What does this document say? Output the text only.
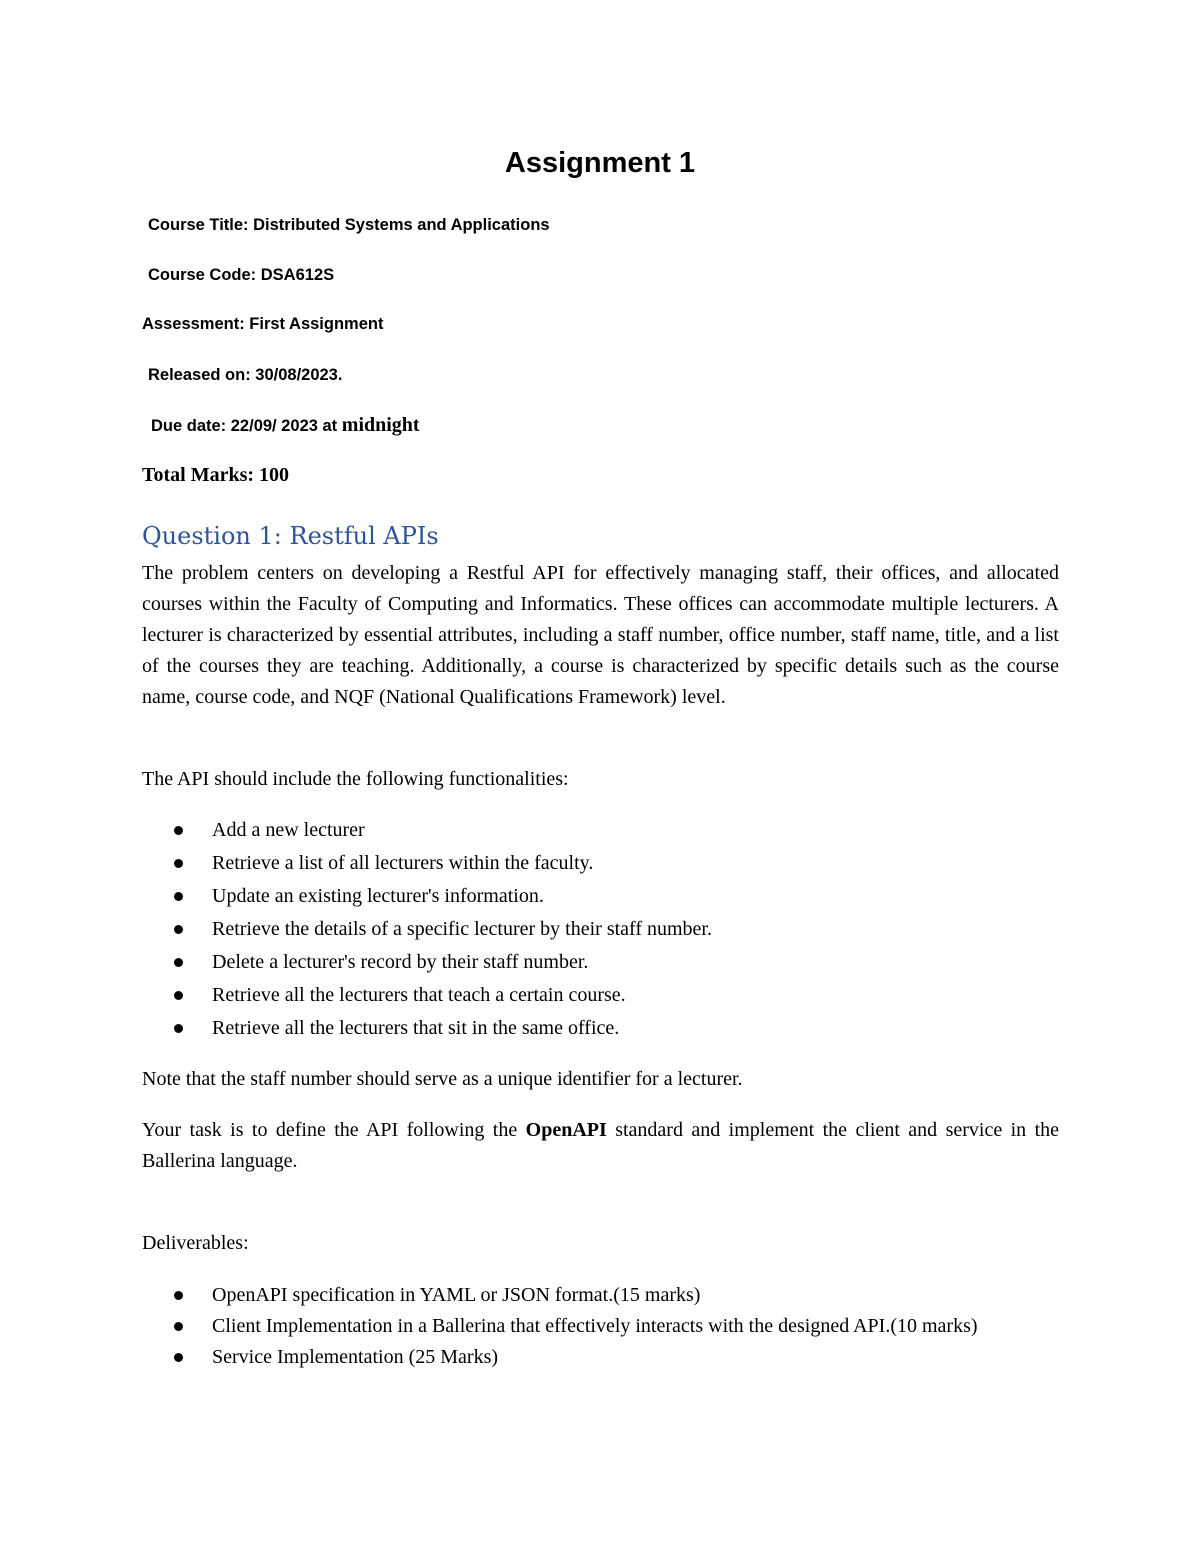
Assignment 1
Course Title: Distributed Systems and Applications
Course Code: DSA612S
Assessment: First Assignment
Released on: 30/08/2023.
Due date: 22/09/ 2023 at midnight
Total Marks: 100
Question 1: Restful APIs

The problem centers on developing a Restful API for effectively managing staff, their offices, and allocated courses within the Faculty of Computing and Informatics. These offices can accommodate multiple lecturers. A lecturer is characterized by essential attributes, including a staff number, office number, staff name, title, and a list of the courses they are teaching. Additionally, a course is characterized by specific details such as the course name, course code, and NQF (National Qualifications Framework) level.

The API should include the following functionalities:

Add a new lecturer
Retrieve a list of all lecturers within the faculty.
Update an existing lecturer's information.
Retrieve the details of a specific lecturer by their staff number.
Delete a lecturer's record by their staff number.
Retrieve all the lecturers that teach a certain course.
Retrieve all the lecturers that sit in the same office.

Note that the staff number should serve as a unique identifier for a lecturer.

Your task is to define the API following the OpenAPI standard and implement the client and service in the Ballerina language.

Deliverables:

OpenAPI specification in YAML or JSON format.(15 marks)
Client Implementation in a Ballerina that effectively interacts with the designed API.(10 marks)
Service Implementation (25 Marks)
